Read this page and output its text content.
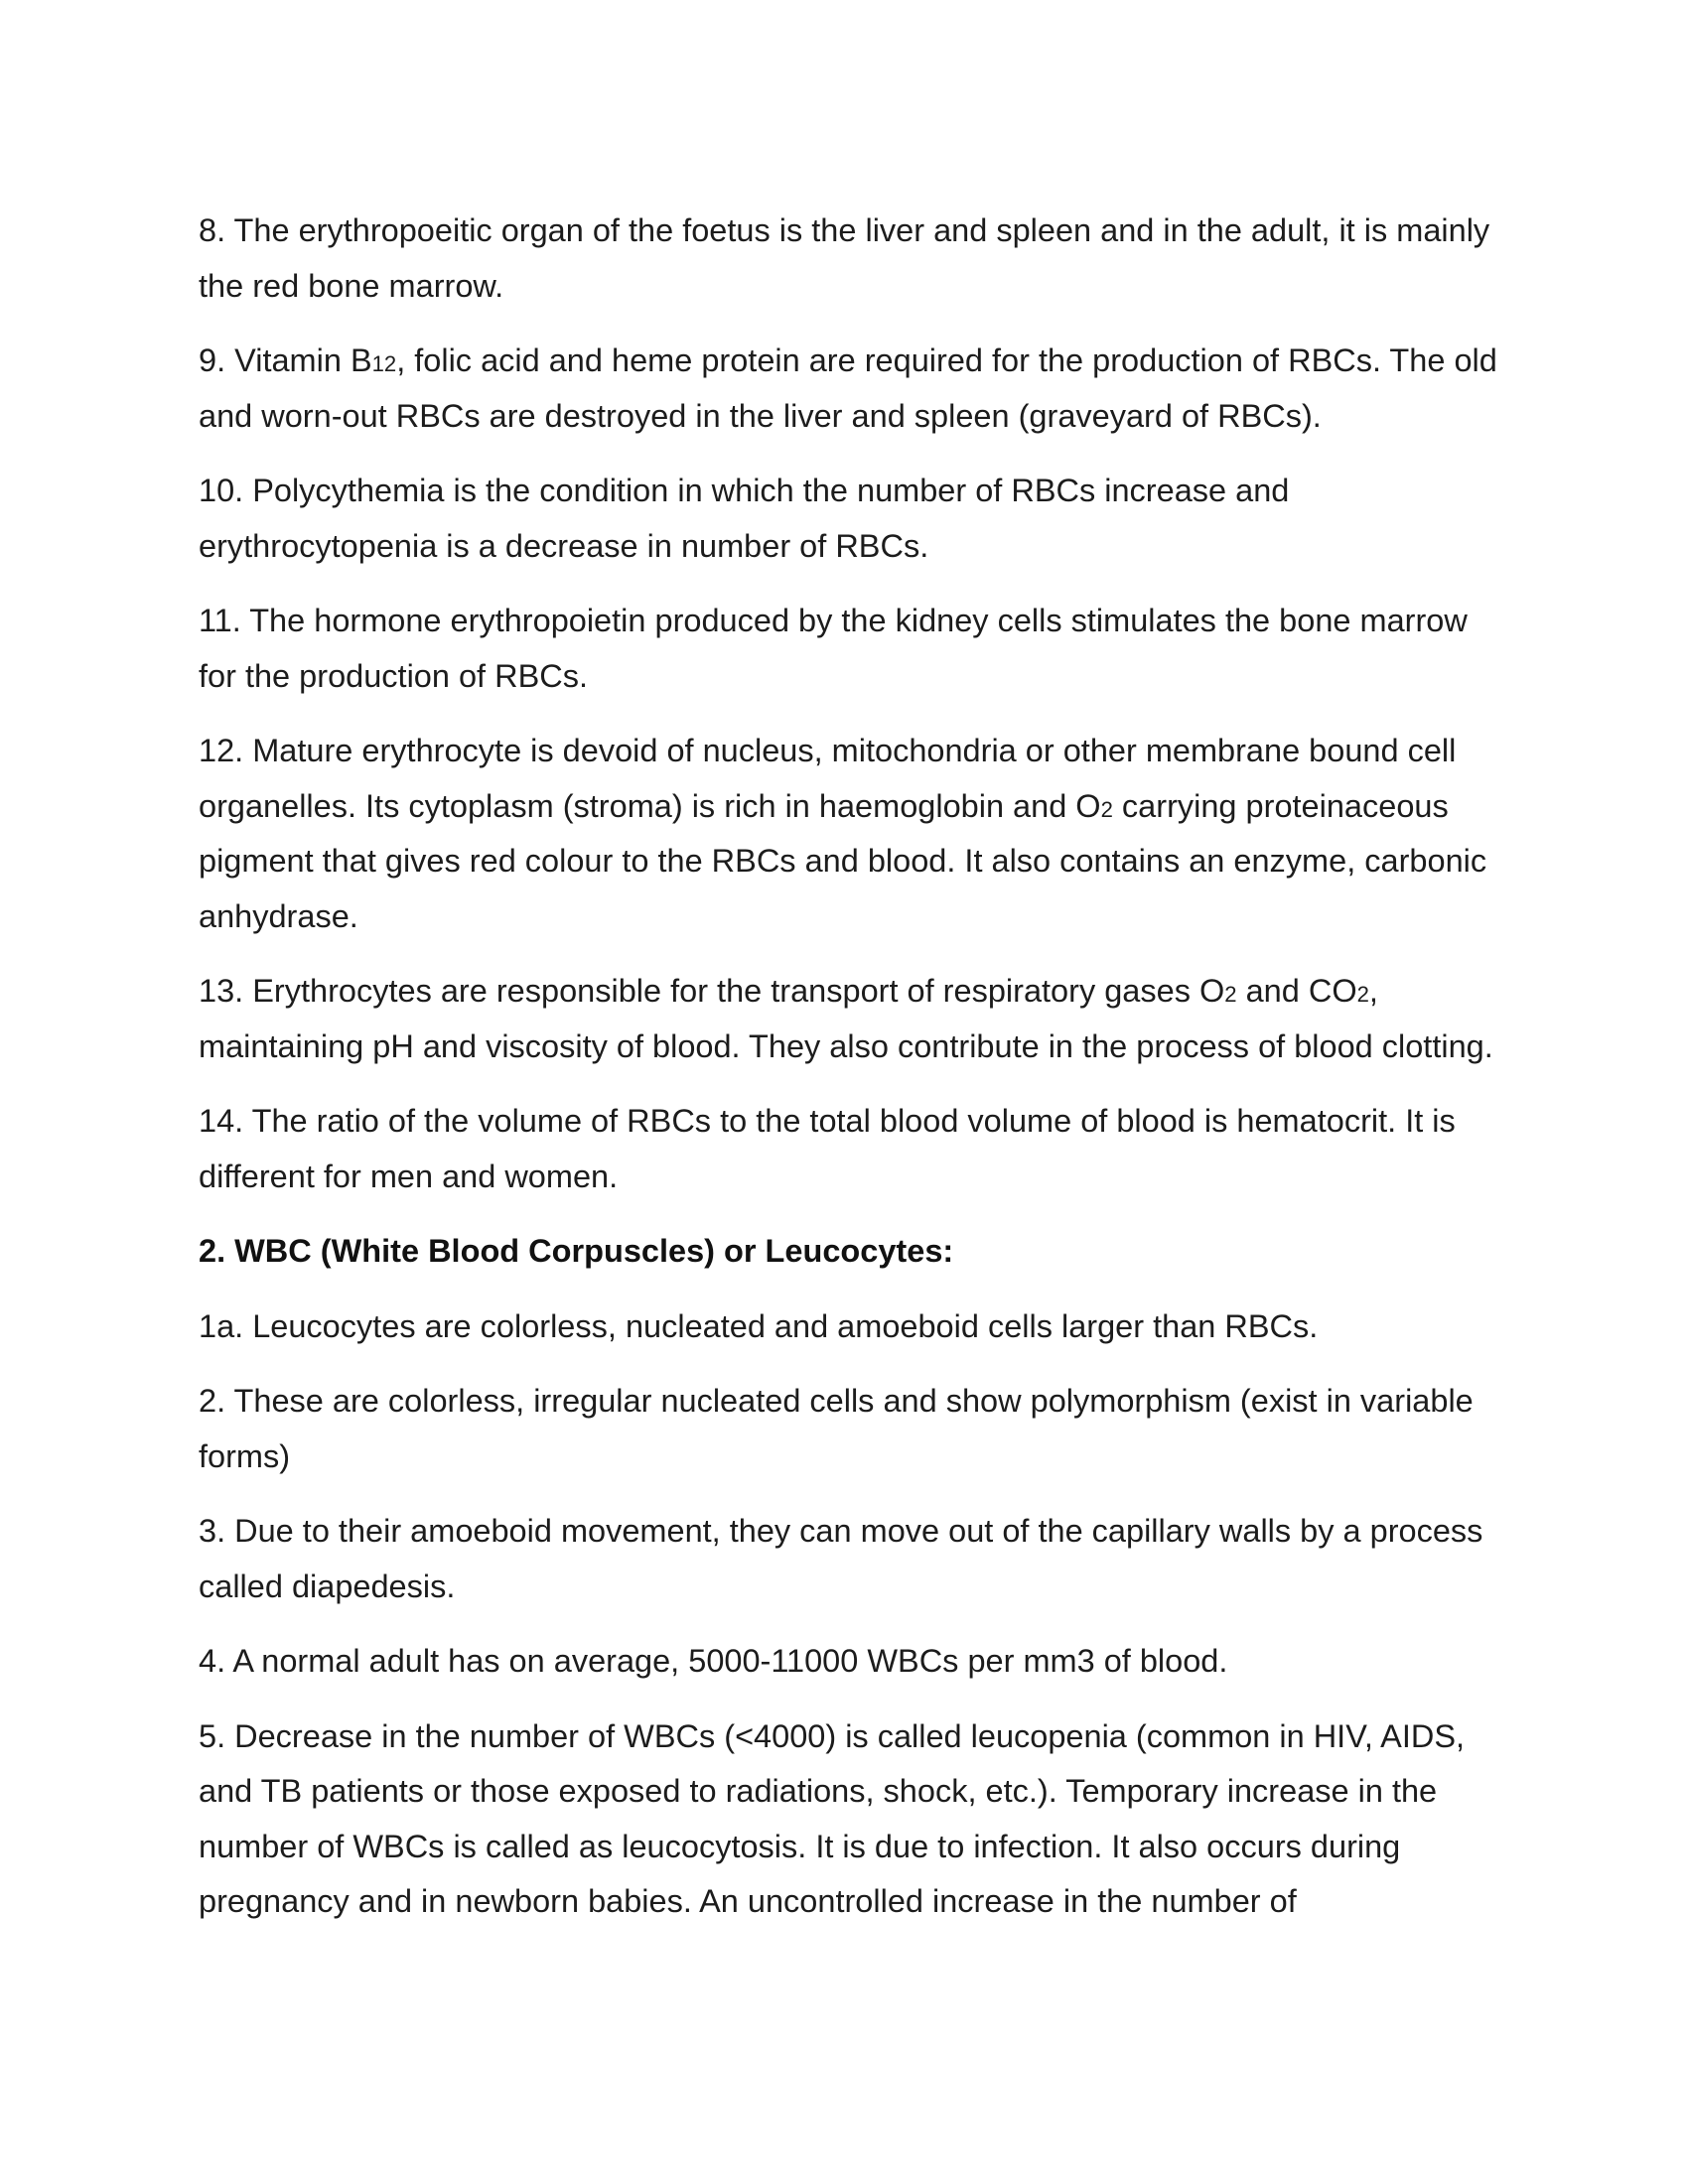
8. The erythropoeitic organ of the foetus is the liver and spleen and in the adult, it is mainly the red bone marrow.

9. Vitamin B12, folic acid and heme protein are required for the production of RBCs. The old and worn-out RBCs are destroyed in the liver and spleen (graveyard of RBCs).

10. Polycythemia is the condition in which the number of RBCs increase and erythrocytopenia is a decrease in number of RBCs.

11. The hormone erythropoietin produced by the kidney cells stimulates the bone marrow for the production of RBCs.

12. Mature erythrocyte is devoid of nucleus, mitochondria or other membrane bound cell organelles. Its cytoplasm (stroma) is rich in haemoglobin and O2 carrying proteinaceous pigment that gives red colour to the RBCs and blood. It also contains an enzyme, carbonic anhydrase.

13. Erythrocytes are responsible for the transport of respiratory gases O2 and CO2, maintaining pH and viscosity of blood. They also contribute in the process of blood clotting.

14. The ratio of the volume of RBCs to the total blood volume of blood is hematocrit. It is different for men and women.

2. WBC (White Blood Corpuscles) or Leucocytes:

1a. Leucocytes are colorless, nucleated and amoeboid cells larger than RBCs.

2. These are colorless, irregular nucleated cells and show polymorphism (exist in variable forms)

3. Due to their amoeboid movement, they can move out of the capillary walls by a process called diapedesis.

4. A normal adult has on average, 5000-11000 WBCs per mm3 of blood.

5. Decrease in the number of WBCs (<4000) is called leucopenia (common in HIV, AIDS, and TB patients or those exposed to radiations, shock, etc.). Temporary increase in the number of WBCs is called as leucocytosis. It is due to infection. It also occurs during pregnancy and in newborn babies. An uncontrolled increase in the number of
